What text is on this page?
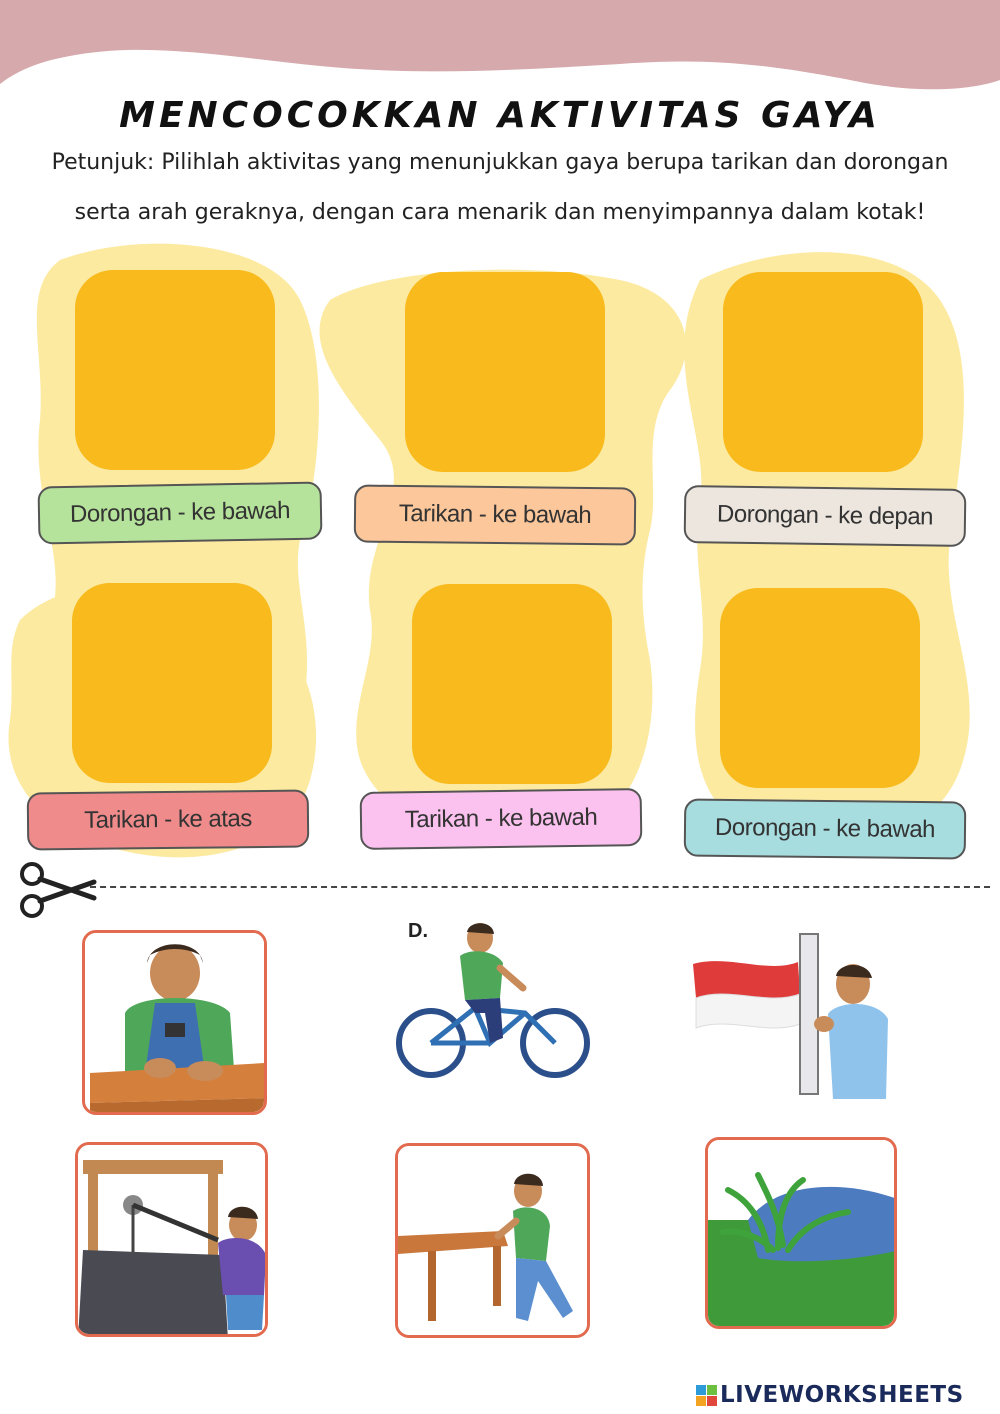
MENCOCOKKAN AKTIVITAS GAYA
Petunjuk: Pilihlah aktivitas yang menunjukkan gaya berupa tarikan dan dorongan
serta arah geraknya, dengan cara menarik dan menyimpannya dalam kotak!
Dorongan - ke bawah	Tarikan - ke bawah	Dorongan - ke depan
Tarikan - ke atas	Tarikan - ke bawah	Dorongan - ke bawah
D.
LIVEWORKSHEETS
